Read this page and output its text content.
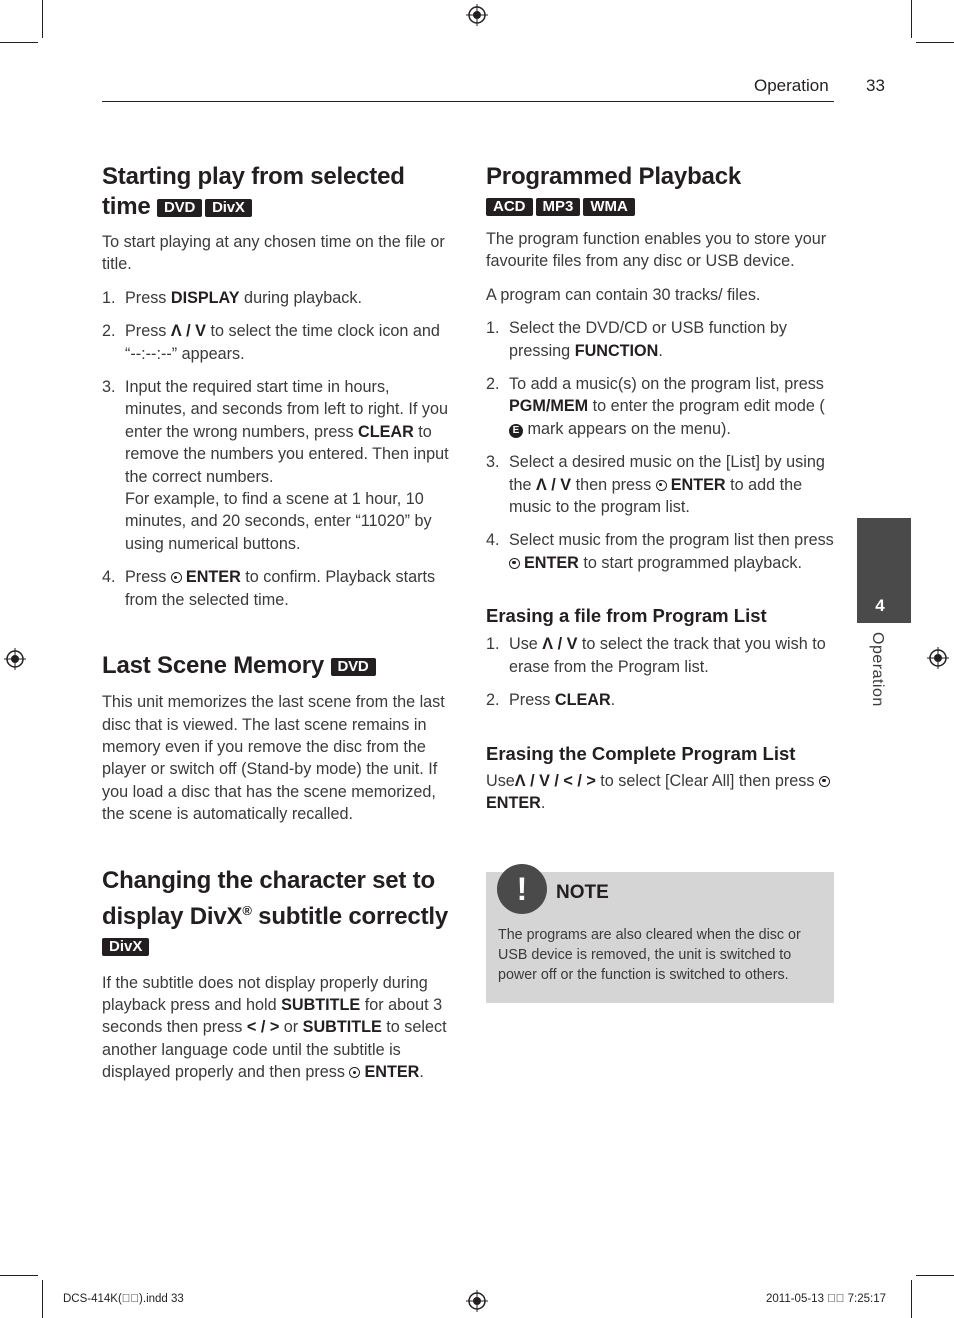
Operation 33
Starting play from selected
time DVD DivX

To start playing at any chosen time on the file or title.

1. Press DISPLAY during playback.
2. Press Λ / V to select the time clock icon and
“--:--:--” appears.
3. Input the required start time in hours, minutes, and seconds from left to right. If you enter the wrong numbers, press CLEAR to remove the numbers you entered. Then input the correct numbers.
For example, to find a scene at 1 hour, 10 minutes, and 20 seconds, enter “11020” by using numerical buttons.
4. Press ENTER to confirm. Playback starts from the selected time.
Last Scene Memory DVD

This unit memorizes the last scene from the last disc that is viewed. The last scene remains in memory even if you remove the disc from the player or switch off (Stand-by mode) the unit. If you load a disc that has the scene memorized, the scene is automatically recalled.

Changing the character set to
display DivX® subtitle correctly
DivX

If the subtitle does not display properly during playback press and hold SUBTITLE for about 3 seconds then press < / > or SUBTITLE to select another language code until the subtitle is displayed properly and then press ENTER.

Programmed Playback
ACD MP3 WMA

The program function enables you to store your favourite files from any disc or USB device.

A program can contain 30 tracks/ files.

1. Select the DVD/CD or USB function by pressing FUNCTION.
2. To add a music(s) on the program list, press PGM/MEM to enter the program edit mode (E mark appears on the menu).
3. Select a desired music on the [List] by using the Λ / V then press ENTER to add the music to the program list.
4. Select music from the program list then press ENTER to start programmed playback.
Erasing a file from Program List
1. Use Λ / V to select the track that you wish to erase from the Program list.
2. Press CLEAR.
Erasing the Complete Program List

UseΛ / V / < / > to select [Clear All] then press ENTER.

!	NOTE
The programs are also cleared when the disc or USB device is removed, the unit is switched to power off or the function is switched to others.
4
Operation
DCS-414K(⃞⃞).indd 33	2011-05-13 ⃞⃞ 7:25:17
